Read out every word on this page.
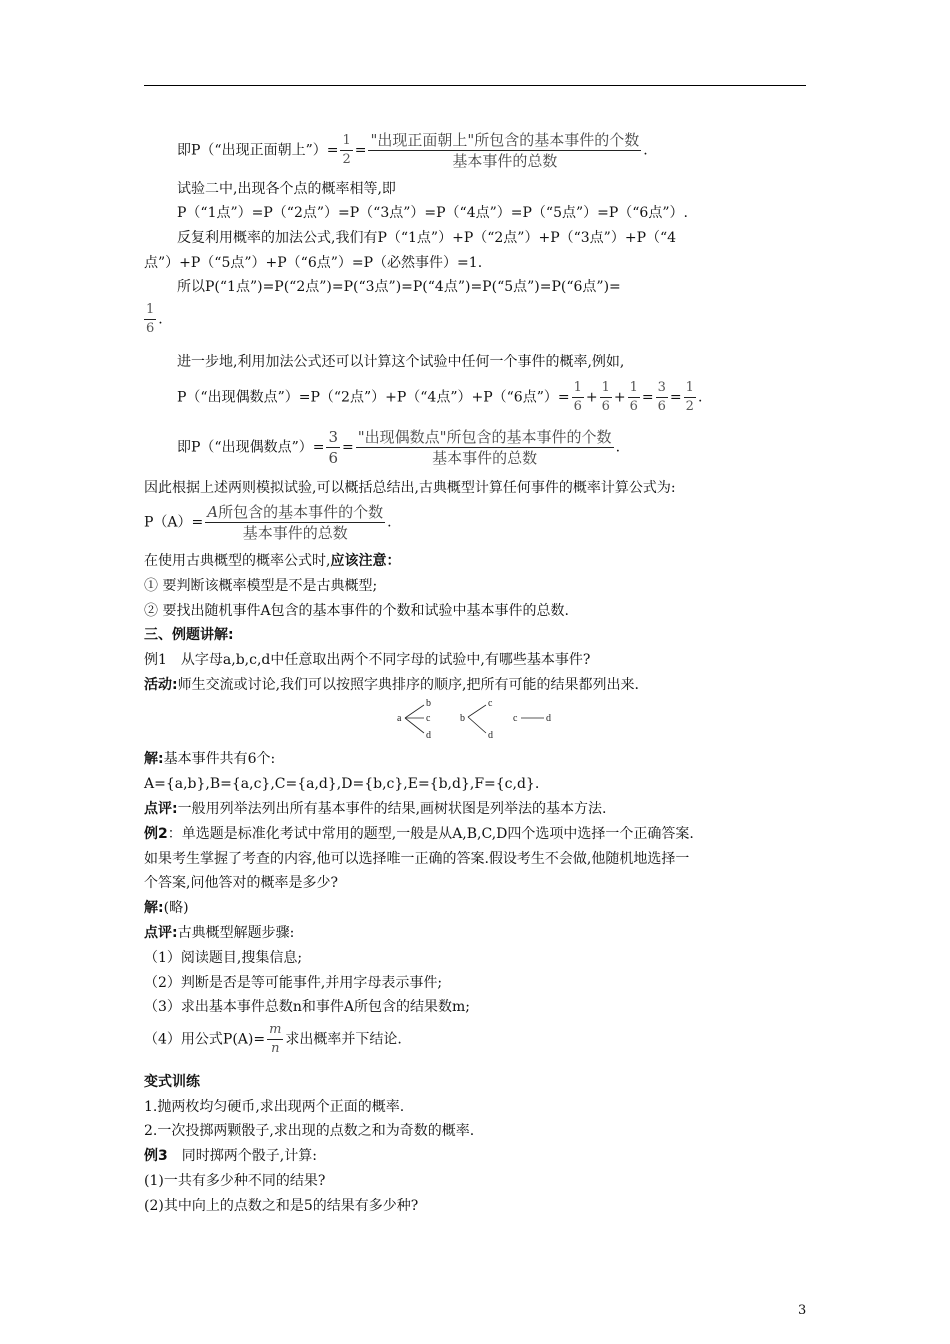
即P（“出现正面朝上”）= $\frac{1}{2} = \frac{\text{"出现正面朝上"所包含的基本事件的个数}}{\text{基本事件的总数}}$ .
试验二中,出现各个点的概率相等,即
P（“1点”）=P（“2点”）=P（“3点”）=P（“4点”）=P（“5点”）=P（“6点”）.
反复利用概率的加法公式,我们有P（“1点”）+P（“2点”）+P（“3点”）+P（“4
点”）+P（“5点”）+P（“6点”）=P（必然事件）=1.
所以P(“1点”)=P(“2点”)=P(“3点”)=P(“4点”)=P(“5点”)=P(“6点”)=
$\frac{1}{6}$ .
进一步地,利用加法公式还可以计算这个试验中任何一个事件的概率,例如,
P（“出现偶数点”）=P（“2点”）+P（“4点”）+P（“6点”）= $\frac{1}{6} + \frac{1}{6} + \frac{1}{6} = \frac{3}{6} = \frac{1}{2}$ .
即P（“出现偶数点”）= $\frac{3}{6} = \frac{\text{"出现偶数点"所包含的基本事件的个数}}{\text{基本事件的总数}}$ .
因此根据上述两则模拟试验,可以概括总结出,古典概型计算任何事件的概率计算公式为:
$P(A)= \frac{\text{A所包含的基本事件的个数}}{\text{基本事件的总数}}$ .
在使用古典概型的概率公式时,应该注意：
① 要判断该概率模型是不是古典概型;
② 要找出随机事件A包含的基本事件的个数和试验中基本事件的总数.
三、例题讲解:
例1　从字母a,b,c,d中任意取出两个不同字母的试验中,有哪些基本事件?
活动:师生交流或讨论,我们可以按照字典排序的顺序,把所有可能的结果都列出来.
a
b
c
d
b
c
d
c	d
解:基本事件共有6个:
A={a,b},B={a,c},C={a,d},D={b,c},E={b,d},F={c,d}.
点评:一般用列举法列出所有基本事件的结果,画树状图是列举法的基本方法.
例2：单选题是标准化考试中常用的题型,一般是从A,B,C,D四个选项中选择一个正确答案.
如果考生掌握了考查的内容,他可以选择唯一正确的答案.假设考生不会做,他随机地选择一
个答案,问他答对的概率是多少?
解:(略)
点评:古典概型解题步骤:
（1）阅读题目,搜集信息;
（2）判断是否是等可能事件,并用字母表示事件;
（3）求出基本事件总数n和事件A所包含的结果数m;
（4）用公式$P(A)= \frac{m}{n}$ 求出概率并下结论.
变式训练
1.抛两枚均匀硬币,求出现两个正面的概率.
2.一次投掷两颗骰子,求出现的点数之和为奇数的概率.
例3　同时掷两个骰子,计算:
(1)一共有多少种不同的结果?
(2)其中向上的点数之和是5的结果有多少种?
3
